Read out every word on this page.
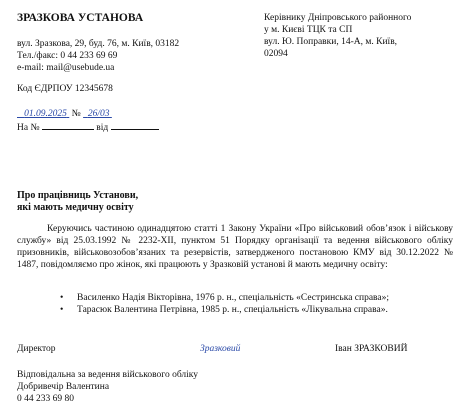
ЗРАЗКОВА УСТАНОВА
вул. Зразкова, 29, буд. 76, м. Київ, 03182
Тел./факс: 0 44 233 69 69
e-mail: mail@usebude.ua
Код ЄДРПОУ 12345678
01.09.2025 № 26/03
На №	від
Керівнику Дніпровського районного
у м. Києві ТЦК та СП
вул. Ю. Поправки, 14-А, м. Київ,
02094
Про працівниць Установи,
які мають медичну освіту
Керуючись частиною одинадцятою статті 1 Закону України «Про військовий обов’язок і військову службу» від 25.03.1992 № 2232-XII, пунктом 51 Порядку організації та ведення військового обліку призовників, військовозобов’язаних та резервістів, затвердженого постановою КМУ від 30.12.2022 № 1487, повідомляємо про жінок, які працюють у Зразковій установі й мають медичну освіту:
• Василенко Надія Вікторівна, 1976 р. н., спеціальність «Сестринська справа»;
• Тарасюк Валентина Петрівна, 1985 р. н., спеціальність «Лікувальна справа».
Директор	Зразковий	Іван ЗРАЗКОВИЙ
Відповідальна за ведення військового обліку
Добривечір Валентина
0 44 233 69 80
